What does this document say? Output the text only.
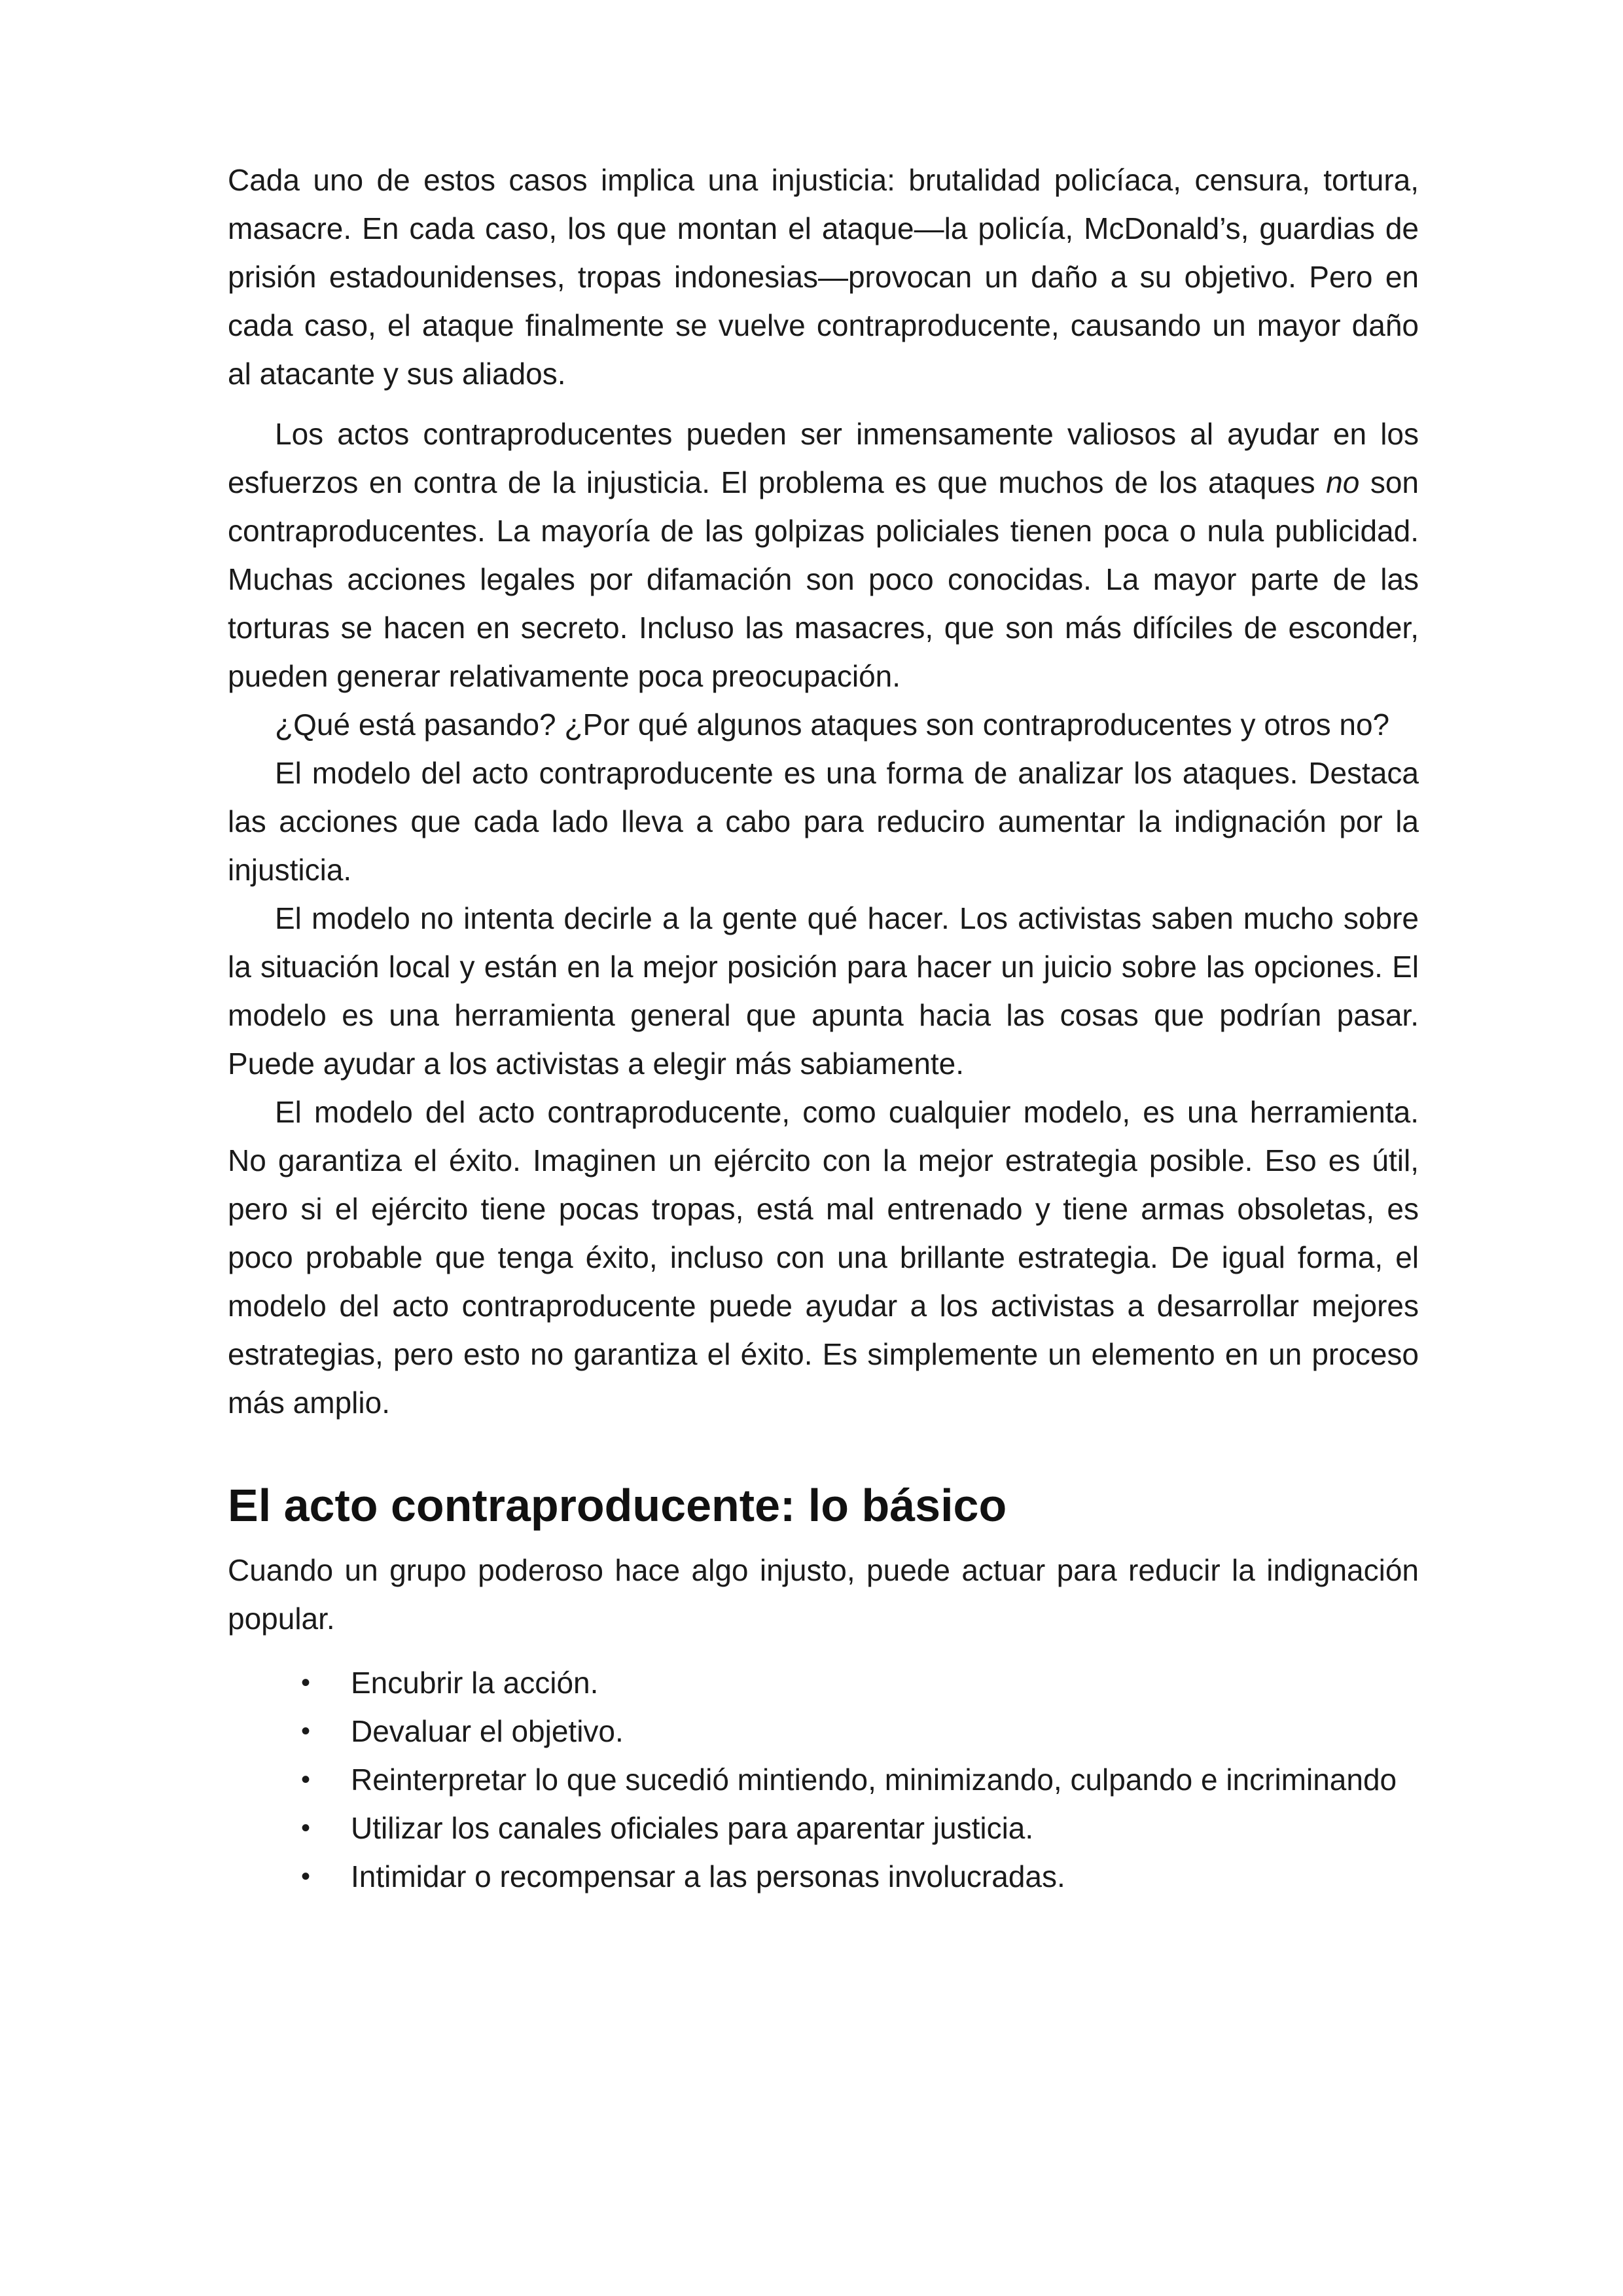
Cada uno de estos casos implica una injusticia: brutalidad policíaca, censura, tortura, masacre. En cada caso, los que montan el ataque—la policía, McDonald’s, guardias de prisión estadounidenses, tropas indonesias—provocan un daño a su objetivo. Pero en cada caso, el ataque finalmente se vuelve contraproducente, causando un mayor daño al atacante y sus aliados.

Los actos contraproducentes pueden ser inmensamente valiosos al ayudar en los esfuerzos en contra de la injusticia. El problema es que muchos de los ataques no son contraproducentes. La mayoría de las golpizas policiales tienen poca o nula publicidad. Muchas acciones legales por difamación son poco conocidas. La mayor parte de las torturas se hacen en secreto. Incluso las masacres, que son más difíciles de esconder, pueden generar relativamente poca preocupación.

¿Qué está pasando? ¿Por qué algunos ataques son contraproducentes y otros no?

El modelo del acto contraproducente es una forma de analizar los ataques. Destaca las acciones que cada lado lleva a cabo para reduciro aumentar la indignación por la injusticia.

El modelo no intenta decirle a la gente qué hacer. Los activistas saben mucho sobre la situación local y están en la mejor posición para hacer un juicio sobre las opciones. El modelo es una herramienta general que apunta hacia las cosas que podrían pasar. Puede ayudar a los activistas a elegir más sabiamente.

El modelo del acto contraproducente, como cualquier modelo, es una herramienta. No garantiza el éxito. Imaginen un ejército con la mejor estrategia posible. Eso es útil, pero si el ejército tiene pocas tropas, está mal entrenado y tiene armas obsoletas, es poco probable que tenga éxito, incluso con una brillante estrategia. De igual forma, el modelo del acto contraproducente puede ayudar a los activistas a desarrollar mejores estrategias, pero esto no garantiza el éxito. Es simplemente un elemento en un proceso más amplio.

El acto contraproducente: lo básico

Cuando un grupo poderoso hace algo injusto, puede actuar para reducir la indignación popular.

• Encubrir la acción.
• Devaluar el objetivo.
• Reinterpretar lo que sucedió mintiendo, minimizando, culpando e incriminando
• Utilizar los canales oficiales para aparentar justicia.
• Intimidar o recompensar a las personas involucradas.
